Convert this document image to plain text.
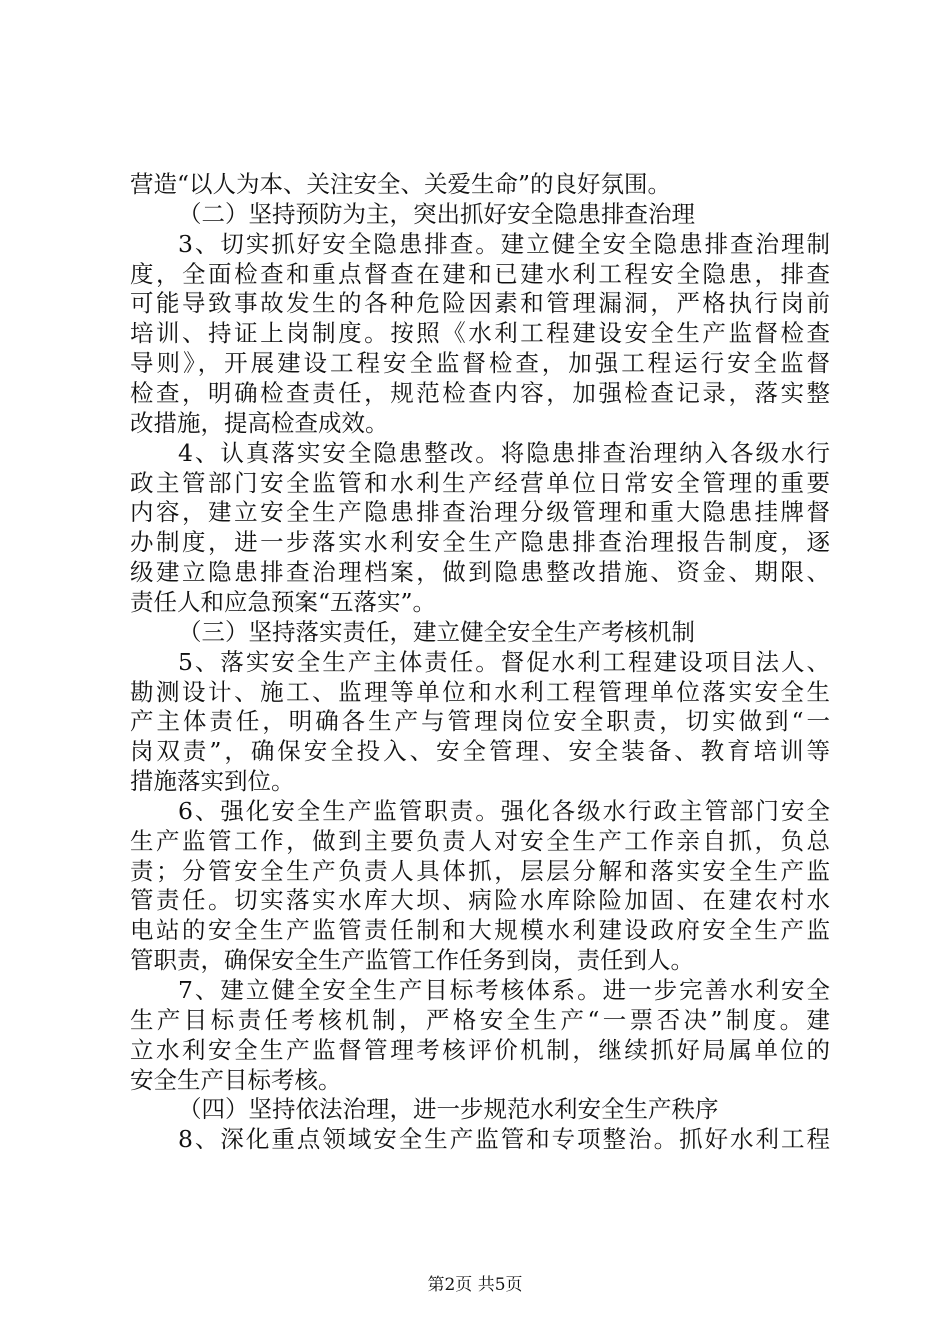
营造“以人为本、关注安全、关爱生命”的良好氛围。
（二）坚持预防为主，突出抓好安全隐患排查治理
3、切实抓好安全隐患排查。建立健全安全隐患排查治理制
度，全面检查和重点督查在建和已建水利工程安全隐患，排查
可能导致事故发生的各种危险因素和管理漏洞，严格执行岗前
培训、持证上岗制度。按照《水利工程建设安全生产监督检查
导则》，开展建设工程安全监督检查，加强工程运行安全监督
检查，明确检查责任，规范检查内容，加强检查记录，落实整
改措施，提高检查成效。
4、认真落实安全隐患整改。将隐患排查治理纳入各级水行
政主管部门安全监管和水利生产经营单位日常安全管理的重要
内容，建立安全生产隐患排查治理分级管理和重大隐患挂牌督
办制度，进一步落实水利安全生产隐患排查治理报告制度，逐
级建立隐患排查治理档案，做到隐患整改措施、资金、期限、
责任人和应急预案“五落实”。
（三）坚持落实责任，建立健全安全生产考核机制
5、落实安全生产主体责任。督促水利工程建设项目法人、
勘测设计、施工、监理等单位和水利工程管理单位落实安全生
产主体责任，明确各生产与管理岗位安全职责，切实做到“一
岗双责”，确保安全投入、安全管理、安全装备、教育培训等
措施落实到位。
6、强化安全生产监管职责。强化各级水行政主管部门安全
生产监管工作，做到主要负责人对安全生产工作亲自抓，负总
责；分管安全生产负责人具体抓，层层分解和落实安全生产监
管责任。切实落实水库大坝、病险水库除险加固、在建农村水
电站的安全生产监管责任制和大规模水利建设政府安全生产监
管职责，确保安全生产监管工作任务到岗，责任到人。
7、建立健全安全生产目标考核体系。进一步完善水利安全
生产目标责任考核机制，严格安全生产“一票否决”制度。建
立水利安全生产监督管理考核评价机制，继续抓好局属单位的
安全生产目标考核。
（四）坚持依法治理，进一步规范水利安全生产秩序
8、深化重点领域安全生产监管和专项整治。抓好水利工程
第2页 共5页
